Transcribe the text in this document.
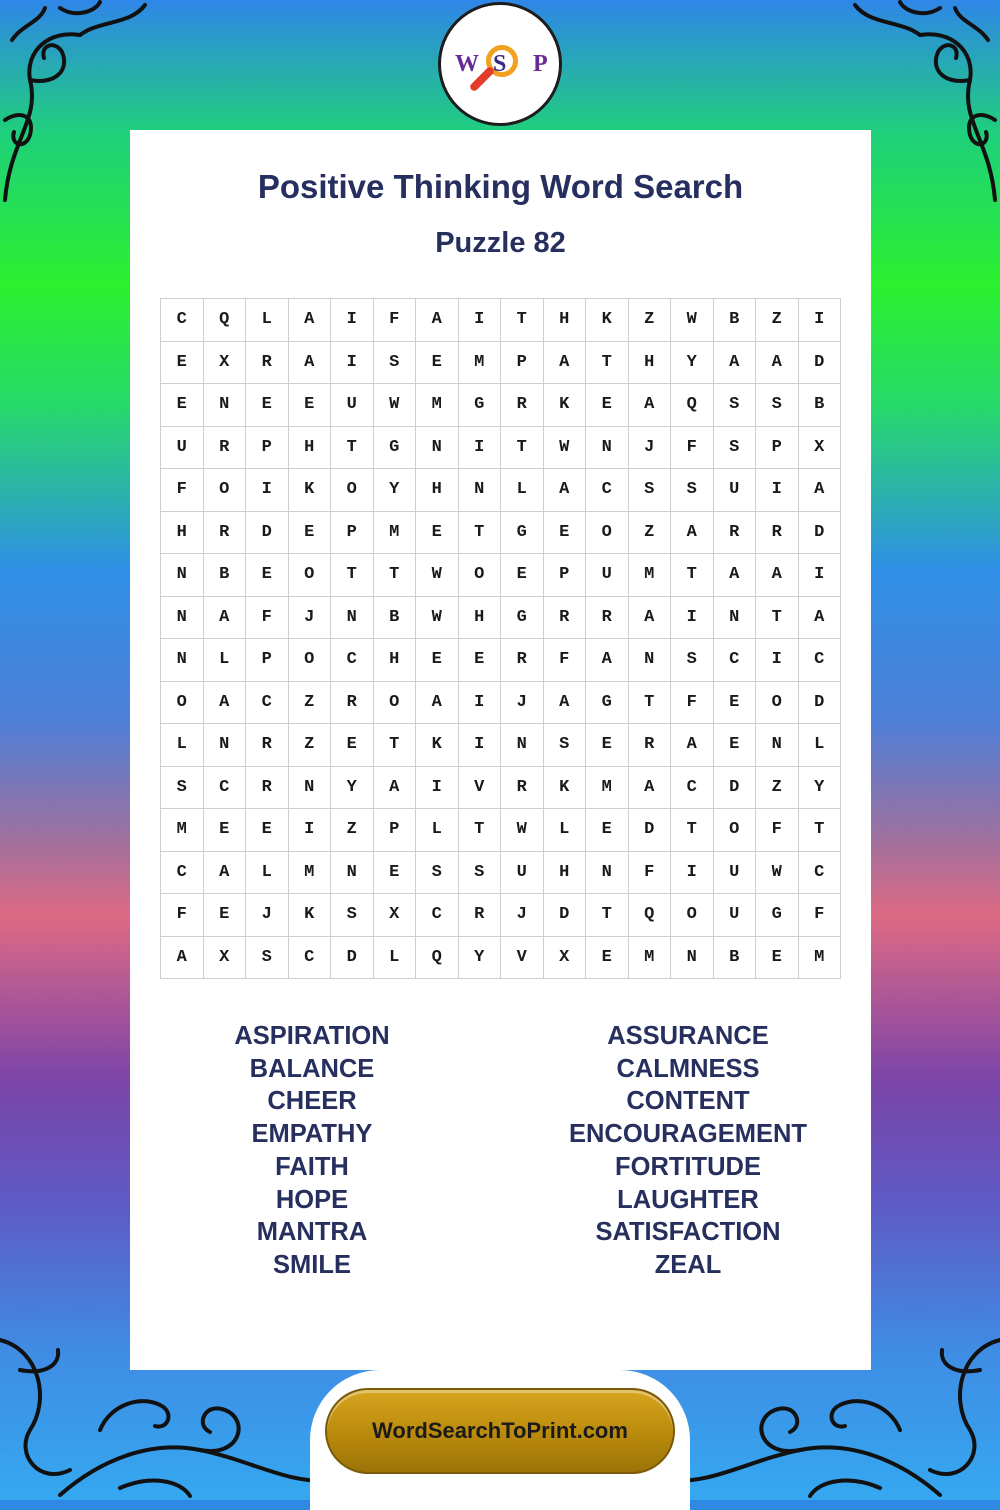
W S P
Positive Thinking Word Search
Puzzle 82
C	Q	L	A	I	F	A	I	T	H	K	Z	W	B	Z	I
E	X	R	A	I	S	E	M	P	A	T	H	Y	A	A	D
E	N	E	E	U	W	M	G	R	K	E	A	Q	S	S	B
U	R	P	H	T	G	N	I	T	W	N	J	F	S	P	X
F	O	I	K	O	Y	H	N	L	A	C	S	S	U	I	A
H	R	D	E	P	M	E	T	G	E	O	Z	A	R	R	D
N	B	E	O	T	T	W	O	E	P	U	M	T	A	A	I
N	A	F	J	N	B	W	H	G	R	R	A	I	N	T	A
N	L	P	O	C	H	E	E	R	F	A	N	S	C	I	C
O	A	C	Z	R	O	A	I	J	A	G	T	F	E	O	D
L	N	R	Z	E	T	K	I	N	S	E	R	A	E	N	L
S	C	R	N	Y	A	I	V	R	K	M	A	C	D	Z	Y
M	E	E	I	Z	P	L	T	W	L	E	D	T	O	F	T
C	A	L	M	N	E	S	S	U	H	N	F	I	U	W	C
F	E	J	K	S	X	C	R	J	D	T	Q	O	U	G	F
A	X	S	C	D	L	Q	Y	V	X	E	M	N	B	E	M
ASPIRATION
BALANCE
CHEER
EMPATHY
FAITH
HOPE
MANTRA
SMILE
ASSURANCE
CALMNESS
CONTENT
ENCOURAGEMENT
FORTITUDE
LAUGHTER
SATISFACTION
ZEAL
WordSearchToPrint.com
